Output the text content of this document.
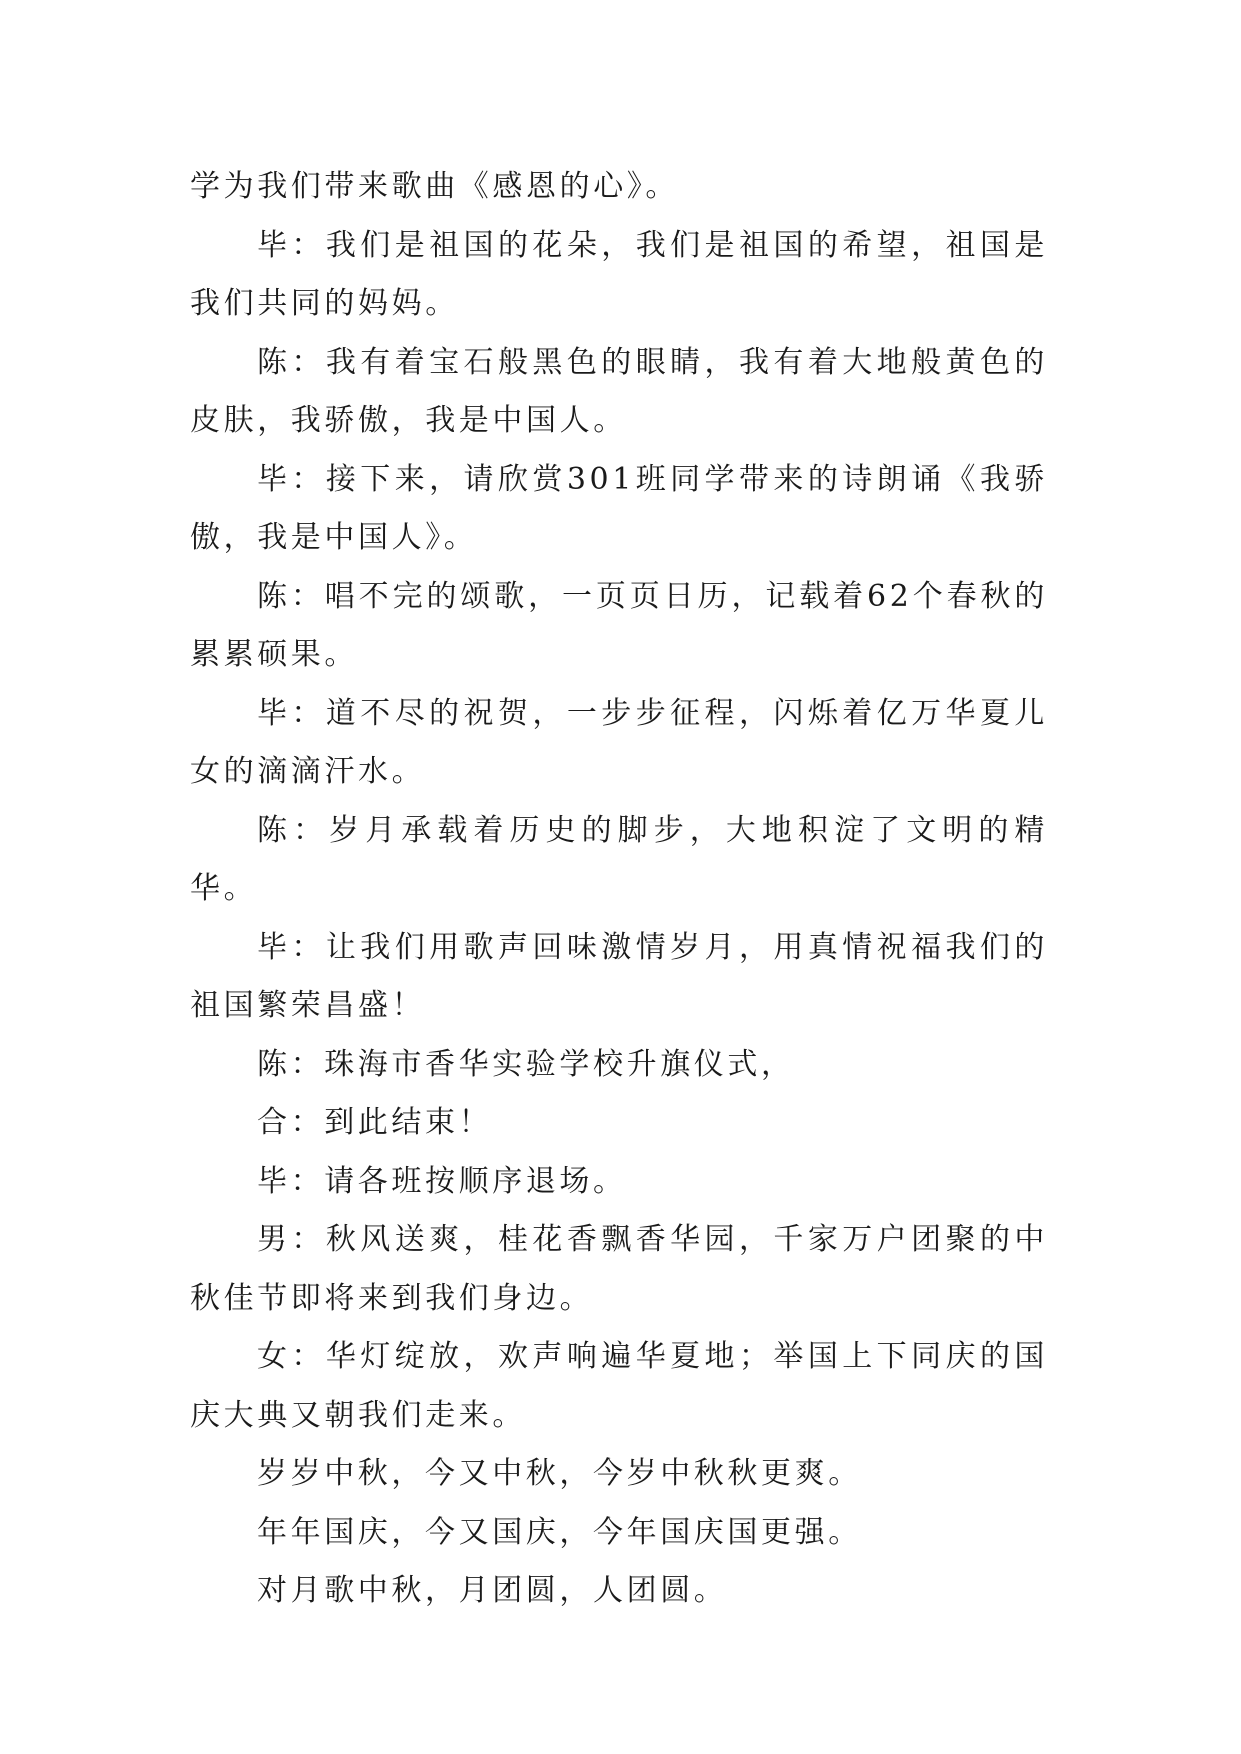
学为我们带来歌曲《感恩的心》。

毕：我们是祖国的花朵，我们是祖国的希望，祖国是我们共同的妈妈。

陈：我有着宝石般黑色的眼睛，我有着大地般黄色的皮肤，我骄傲，我是中国人。

毕：接下来，请欣赏301班同学带来的诗朗诵《我骄傲，我是中国人》。

陈：唱不完的颂歌，一页页日历，记载着62个春秋的累累硕果。

毕：道不尽的祝贺，一步步征程，闪烁着亿万华夏儿女的滴滴汗水。

陈：岁月承载着历史的脚步，大地积淀了文明的精华。

毕：让我们用歌声回味激情岁月，用真情祝福我们的祖国繁荣昌盛！

陈：珠海市香华实验学校升旗仪式，

合：到此结束！

毕：请各班按顺序退场。

男：秋风送爽，桂花香飘香华园，千家万户团聚的中秋佳节即将来到我们身边。

女：华灯绽放，欢声响遍华夏地；举国上下同庆的国庆大典又朝我们走来。

岁岁中秋，今又中秋，今岁中秋秋更爽。

年年国庆，今又国庆，今年国庆国更强。

对月歌中秋，月团圆，人团圆。
